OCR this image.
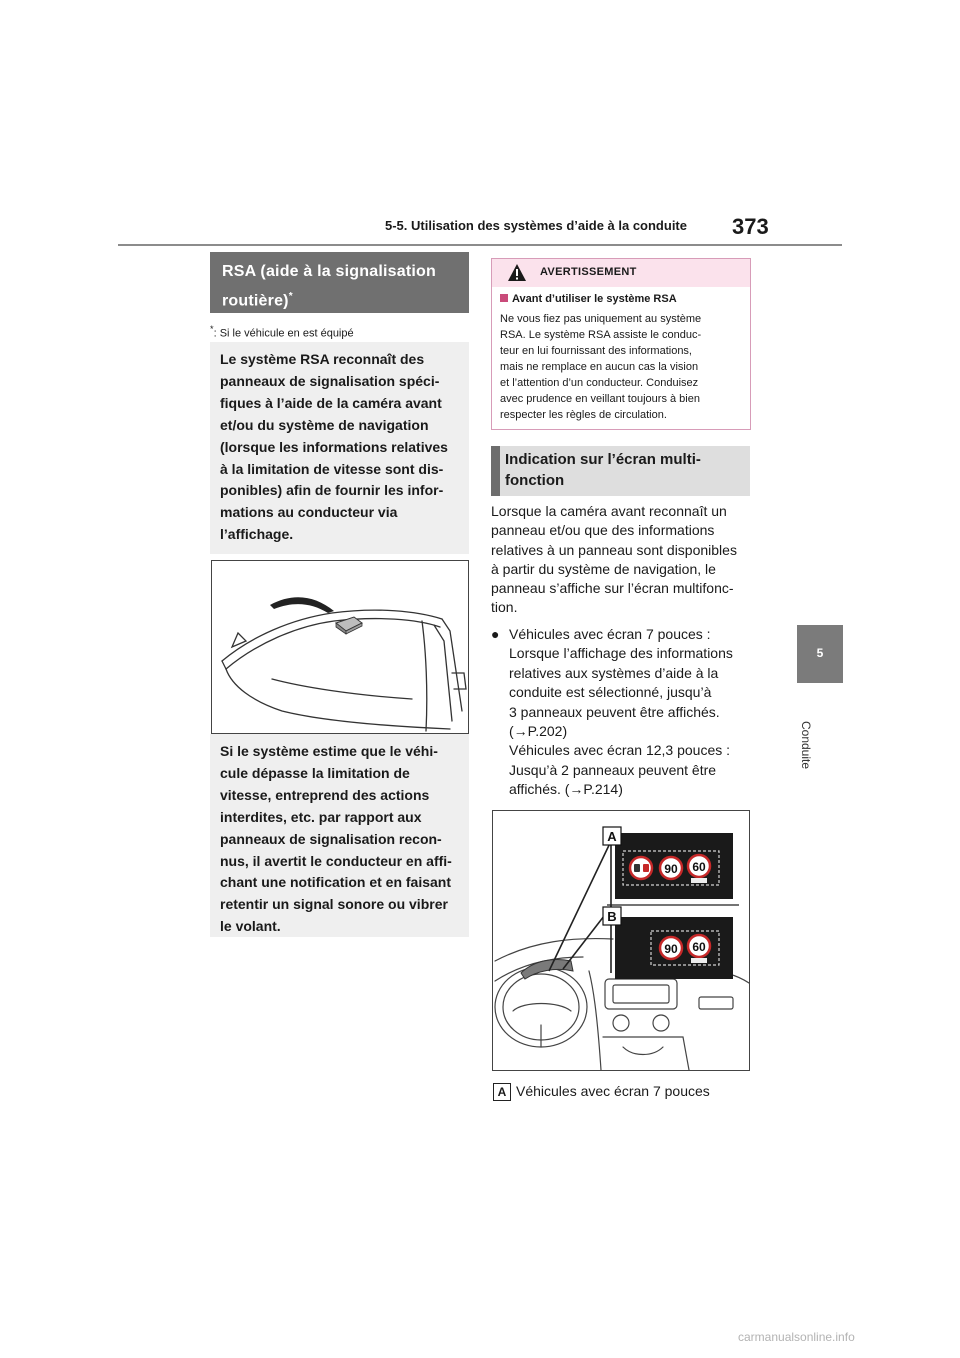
5-5. Utilisation des systèmes d’aide à la conduite 373
5
Conduite
RSA (aide à la signalisation
routière)*
*: Si le véhicule en est équipé
Le système RSA reconnaît des
panneaux de signalisation spéci-
fiques à l’aide de la caméra avant
et/ou du système de navigation
(lorsque les informations relatives
à la limitation de vitesse sont dis-
ponibles) afin de fournir les infor-
mations au conducteur via
l’affichage.
Si le système estime que le véhi-
cule dépasse la limitation de
vitesse, entreprend des actions
interdites, etc. par rapport aux
panneaux de signalisation recon-
nus, il avertit le conducteur en affi-
chant une notification et en faisant
retentir un signal sonore ou vibrer
le volant.
AVERTISSEMENT
Avant d’utiliser le système RSA
Ne vous fiez pas uniquement au système
RSA. Le système RSA assiste le conduc-
teur en lui fournissant des informations,
mais ne remplace en aucun cas la vision
et l’attention d’un conducteur. Conduisez
avec prudence en veillant toujours à bien
respecter les règles de circulation.
Indication sur l’écran multi-
fonction
Lorsque la caméra avant reconnaît un
panneau et/ou que des informations
relatives à un panneau sont disponibles
à partir du système de navigation, le
panneau s’affiche sur l’écran multifonc-
tion.
● Véhicules avec écran 7 pouces :
Lorsque l’affichage des informations
relatives aux systèmes d’aide à la
conduite est sélectionné, jusqu’à
3 panneaux peuvent être affichés.
(→P.202)
Véhicules avec écran 12,3 pouces :
Jusqu’à 2 panneaux peuvent être
affichés. (→P.214)
90 60
A
90 60
B
A Véhicules avec écran 7 pouces
carmanualsonline.info
